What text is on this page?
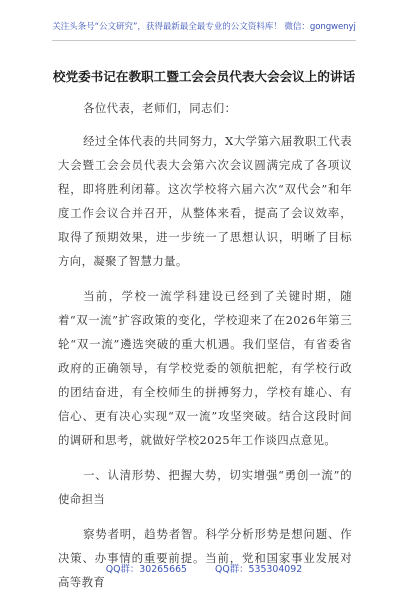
关注头条号“公文研究”，获得最新最全最专业的公文资料库！ 微信：gongwenyj
校党委书记在教职工暨工会会员代表大会会议上的讲话

各位代表，老师们，同志们：

经过全体代表的共同努力，X大学第六届教职工代表大会暨工会会员代表大会第六次会议圆满完成了各项议程，即将胜利闭幕。这次学校将六届六次“双代会”和年度工作会议合并召开，从整体来看，提高了会议效率，取得了预期效果，进一步统一了思想认识，明晰了目标方向，凝聚了智慧力量。

当前，学校一流学科建设已经到了关键时期，随着“双一流”扩容政策的变化，学校迎来了在2026年第三轮“双一流”遴选突破的重大机遇。我们坚信，有省委省政府的正确领导，有学校党委的领航把舵，有学校行政的团结奋进，有全校师生的拼搏努力，学校有雄心、有信心、更有决心实现“双一流”攻坚突破。结合这段时间的调研和思考，就做好学校2025年工作谈四点意见。

一、认清形势、把握大势，切实增强“勇创一流”的使命担当

察势者明，趋势者智。科学分析形势是想问题、作决策、办事情的重要前提。当前，党和国家事业发展对高等教育

QQ群：30265665	QQ群：535304092
